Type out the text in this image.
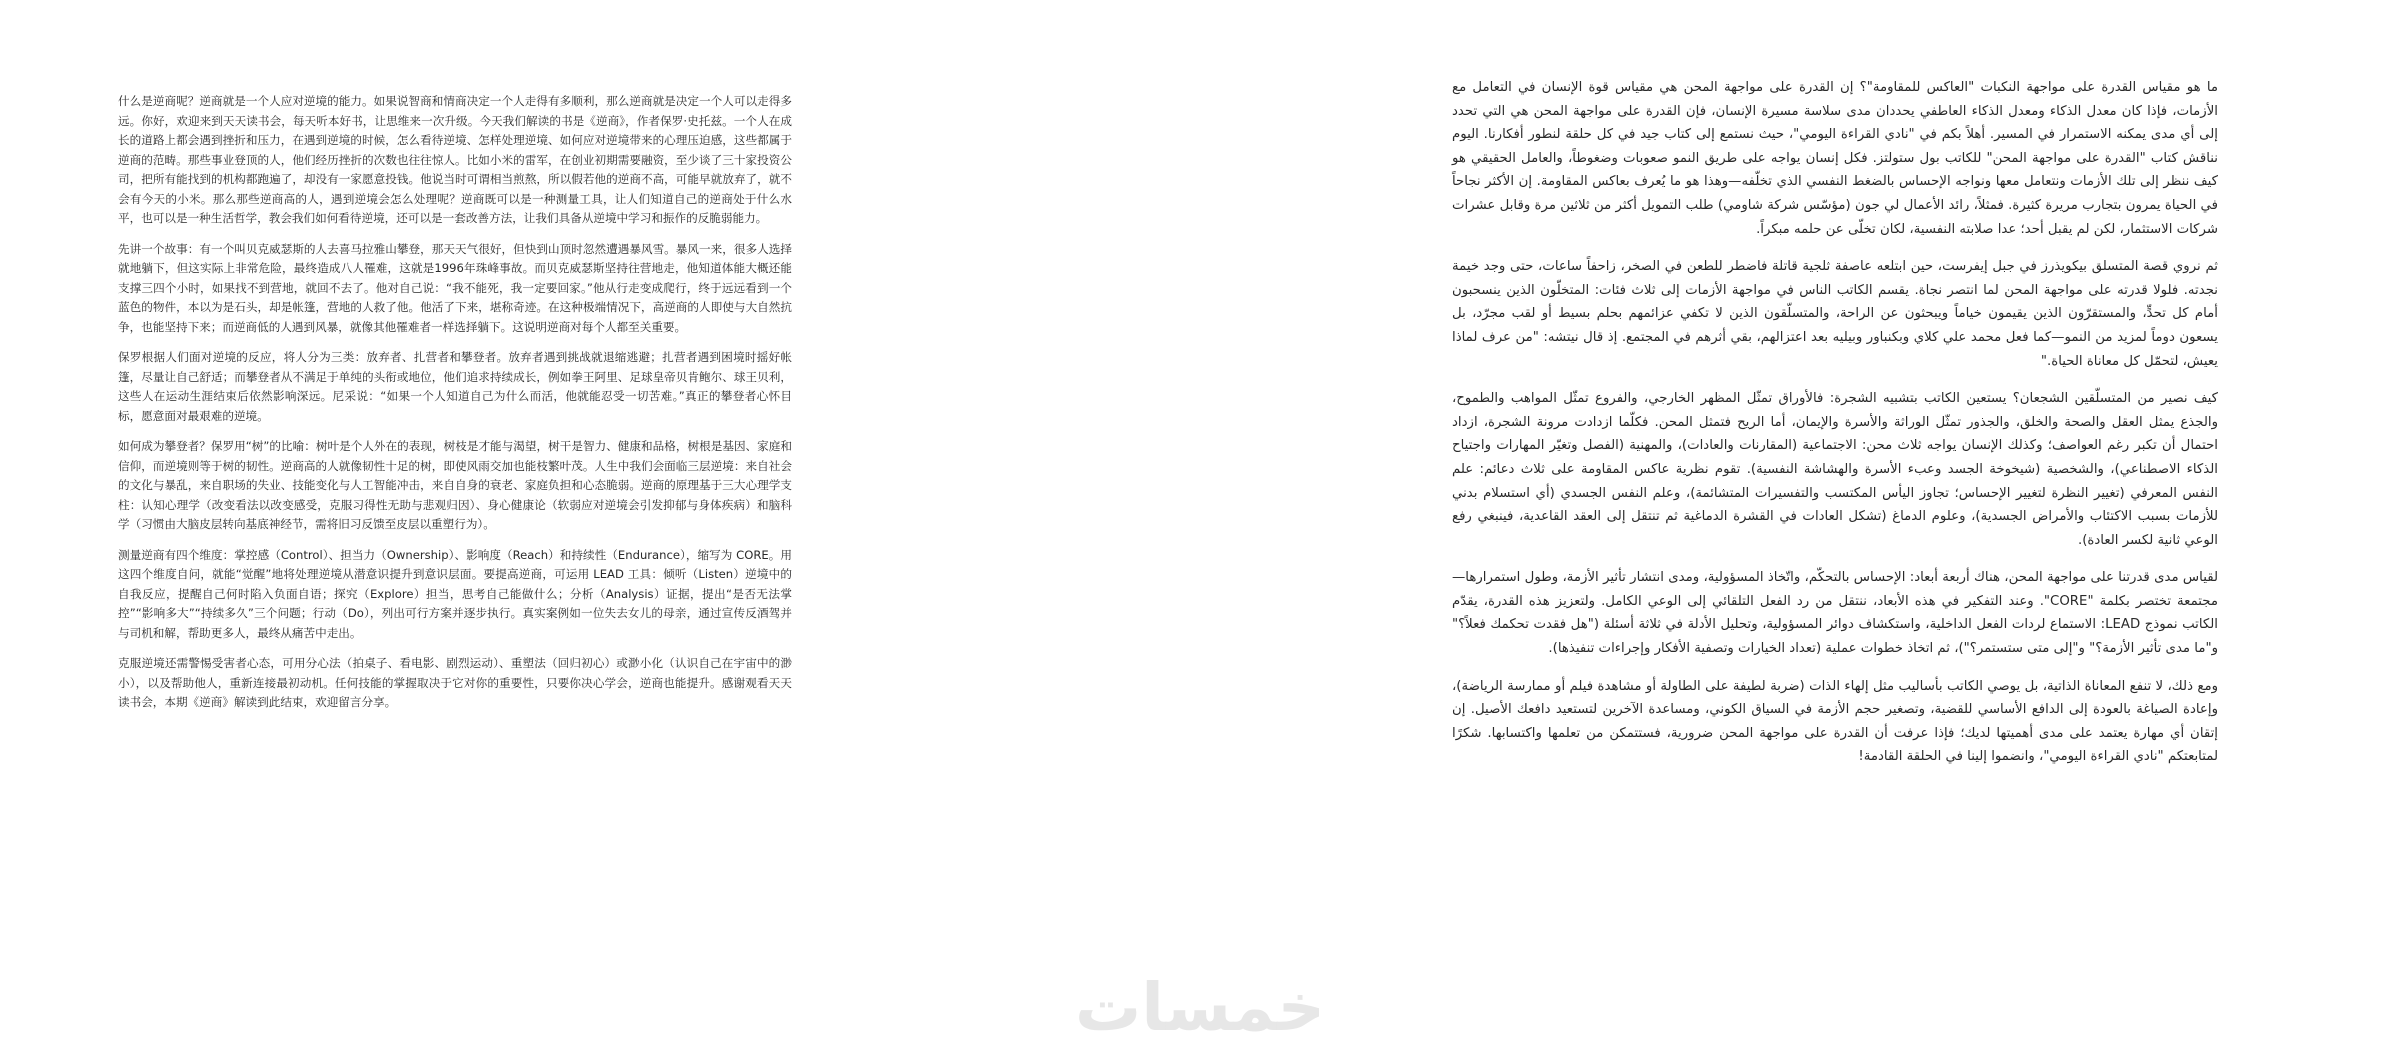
什么是逆商呢？逆商就是一个人应对逆境的能力。如果说智商和情商决定一个人走得有多顺利，那么逆商就是决定一个人可以走得多远。你好，欢迎来到天天读书会，每天听本好书，让思维来一次升级。今天我们解读的书是《逆商》，作者保罗·史托兹。一个人在成长的道路上都会遇到挫折和压力，在遇到逆境的时候，怎么看待逆境、怎样处理逆境、如何应对逆境带来的心理压迫感，这些都属于逆商的范畴。那些事业登顶的人，他们经历挫折的次数也往往惊人。比如小米的雷军，在创业初期需要融资，至少谈了三十家投资公司，把所有能找到的机构都跑遍了，却没有一家愿意投钱。他说当时可谓相当煎熬，所以假若他的逆商不高，可能早就放弃了，就不会有今天的小米。那么那些逆商高的人，遇到逆境会怎么处理呢？逆商既可以是一种测量工具，让人们知道自己的逆商处于什么水平，也可以是一种生活哲学，教会我们如何看待逆境，还可以是一套改善方法，让我们具备从逆境中学习和振作的反脆弱能力。

先讲一个故事：有一个叫贝克威瑟斯的人去喜马拉雅山攀登，那天天气很好，但快到山顶时忽然遭遇暴风雪。暴风一来，很多人选择就地躺下，但这实际上非常危险，最终造成八人罹难，这就是1996年珠峰事故。而贝克威瑟斯坚持往营地走，他知道体能大概还能支撑三四个小时，如果找不到营地，就回不去了。他对自己说：“我不能死，我一定要回家。”他从行走变成爬行，终于远远看到一个蓝色的物件，本以为是石头，却是帐篷，营地的人救了他。他活了下来，堪称奇迹。在这种极端情况下，高逆商的人即使与大自然抗争，也能坚持下来；而逆商低的人遇到风暴，就像其他罹难者一样选择躺下。这说明逆商对每个人都至关重要。

保罗根据人们面对逆境的反应，将人分为三类：放弃者、扎营者和攀登者。放弃者遇到挑战就退缩逃避；扎营者遇到困境时摇好帐篷，尽量让自己舒适；而攀登者从不满足于单纯的头衔或地位，他们追求持续成长，例如拳王阿里、足球皇帝贝肯鲍尔、球王贝利，这些人在运动生涯结束后依然影响深远。尼采说：“如果一个人知道自己为什么而活，他就能忍受一切苦难。”真正的攀登者心怀目标，愿意面对最艰难的逆境。

如何成为攀登者？保罗用“树”的比喻：树叶是个人外在的表现，树枝是才能与渴望，树干是智力、健康和品格，树根是基因、家庭和信仰，而逆境则等于树的韧性。逆商高的人就像韧性十足的树，即使风雨交加也能枝繁叶茂。人生中我们会面临三层逆境：来自社会的文化与暴乱，来自职场的失业、技能变化与人工智能冲击，来自自身的衰老、家庭负担和心态脆弱。逆商的原理基于三大心理学支柱：认知心理学（改变看法以改变感受，克服习得性无助与悲观归因）、身心健康论（软弱应对逆境会引发抑郁与身体疾病）和脑科学（习惯由大脑皮层转向基底神经节，需将旧习反馈至皮层以重塑行为）。

测量逆商有四个维度：掌控感（Control）、担当力（Ownership）、影响度（Reach）和持续性（Endurance），缩写为 CORE。用这四个维度自问，就能“觉醒”地将处理逆境从潜意识提升到意识层面。要提高逆商，可运用 LEAD 工具：倾听（Listen）逆境中的自我反应，提醒自己何时陷入负面自语；探究（Explore）担当，思考自己能做什么；分析（Analysis）证据，提出“是否无法掌控”“影响多大”“持续多久”三个问题；行动（Do），列出可行方案并逐步执行。真实案例如一位失去女儿的母亲，通过宣传反酒驾并与司机和解，帮助更多人，最终从痛苦中走出。

克服逆境还需警惕受害者心态，可用分心法（拍桌子、看电影、剧烈运动）、重塑法（回归初心）或渺小化（认识自己在宇宙中的渺小），以及帮助他人，重新连接最初动机。任何技能的掌握取决于它对你的重要性，只要你决心学会，逆商也能提升。感谢观看天天读书会，本期《逆商》解读到此结束，欢迎留言分享。

ما هو مقياس القدرة على مواجهة النكبات "العاكس للمقاومة"؟ إن القدرة على مواجهة المحن هي مقياس قوة الإنسان في التعامل مع الأزمات، فإذا كان معدل الذكاء ومعدل الذكاء العاطفي يحددان مدى سلاسة مسيرة الإنسان، فإن القدرة على مواجهة المحن هي التي تحدد إلى أي مدى يمكنه الاستمرار في المسير. أهلاً بكم في "نادي القراءة اليومي"، حيث نستمع إلى كتاب جيد في كل حلقة لنطور أفكارنا. اليوم نناقش كتاب "القدرة على مواجهة المحن" للكاتب بول ستولتز. فكل إنسان يواجه على طريق النمو صعوبات وضغوطاً، والعامل الحقيقي هو كيف ننظر إلى تلك الأزمات ونتعامل معها ونواجه الإحساس بالضغط النفسي الذي تخلّفه—وهذا هو ما يُعرف بعاكس المقاومة. إن الأكثر نجاحاً في الحياة يمرون بتجارب مريرة كثيرة. فمثلاً، رائد الأعمال لي جون (مؤسّس شركة شاومي) طلب التمويل أكثر من ثلاثين مرة وقابل عشرات شركات الاستثمار، لكن لم يقبل أحد؛ عدا صلابته النفسية، لكان تخلّى عن حلمه مبكراً.

ثم نروي قصة المتسلق بيكويذرز في جبل إيفرست، حين ابتلعه عاصفة ثلجية قاتلة فاضطر للطعن في الصخر، زاحفاً ساعات، حتى وجد خيمة نجدته. فلولا قدرته على مواجهة المحن لما انتصر نجاة. يقسم الكاتب الناس في مواجهة الأزمات إلى ثلاث فئات: المتخلّون الذين ينسحبون أمام كل تحدٍّ، والمستقرّون الذين يقيمون خياماً ويبحثون عن الراحة، والمتسلّقون الذين لا تكفي عزائمهم بحلم بسيط أو لقب مجرّد، بل يسعون دوماً لمزيد من النمو—كما فعل محمد علي كلاي وبكنباور وبيليه بعد اعتزالهم، بقي أثرهم في المجتمع. إذ قال نيتشه: "من عرف لماذا يعيش، لتحمّل كل معاناة الحياة."

كيف نصير من المتسلّقين الشجعان؟ يستعين الكاتب بتشبيه الشجرة: فالأوراق تمثّل المظهر الخارجي، والفروع تمثّل المواهب والطموح، والجذع يمثل العقل والصحة والخلق، والجذور تمثّل الوراثة والأسرة والإيمان، أما الريح فتمثل المحن. فكلّما ازدادت مرونة الشجرة، ازداد احتمال أن تكبر رغم العواصف؛ وكذلك الإنسان يواجه ثلاث محن: الاجتماعية (المقارنات والعادات)، والمهنية (الفصل وتغيّر المهارات واجتياح الذكاء الاصطناعي)، والشخصية (شيخوخة الجسد وعبء الأسرة والهشاشة النفسية). تقوم نظرية عاكس المقاومة على ثلاث دعائم: علم النفس المعرفي (تغيير النظرة لتغيير الإحساس؛ تجاوز اليأس المكتسب والتفسيرات المتشائمة)، وعلم النفس الجسدي (أي استسلام بدني للأزمات بسبب الاكتئاب والأمراض الجسدية)، وعلوم الدماغ (تشكل العادات في القشرة الدماغية ثم تنتقل إلى العقد القاعدية، فينبغي رفع الوعي ثانية لكسر العادة).

لقياس مدى قدرتنا على مواجهة المحن، هناك أربعة أبعاد: الإحساس بالتحكّم، واتّخاذ المسؤولية، ومدى انتشار تأثير الأزمة، وطول استمرارها—مجتمعة تختصر بكلمة "CORE". وعند التفكير في هذه الأبعاد، ننتقل من رد الفعل التلقائي إلى الوعي الكامل. ولتعزيز هذه القدرة، يقدّم الكاتب نموذج LEAD: الاستماع لردات الفعل الداخلية، واستكشاف دوائر المسؤولية، وتحليل الأدلة في ثلاثة أسئلة ("هل فقدت تحكمك فعلاً؟" و"ما مدى تأثير الأزمة؟" و"إلى متى ستستمر؟")، ثم اتخاذ خطوات عملية (تعداد الخيارات وتصفية الأفكار وإجراءات تنفيذها).

ومع ذلك، لا تنفع المعاناة الذاتية، بل يوصي الكاتب بأساليب مثل إلهاء الذات (ضربة لطيفة على الطاولة أو مشاهدة فيلم أو ممارسة الرياضة)، وإعادة الصياغة بالعودة إلى الدافع الأساسي للقضية، وتصغير حجم الأزمة في السياق الكوني، ومساعدة الآخرين لتستعيد دافعك الأصيل. إن إتقان أي مهارة يعتمد على مدى أهميتها لديك؛ فإذا عرفت أن القدرة على مواجهة المحن ضرورية، فستتمكن من تعلمها واكتسابها. شكرًا لمتابعتكم "نادي القراءة اليومي"، وانضموا إلينا في الحلقة القادمة!

خمسات
